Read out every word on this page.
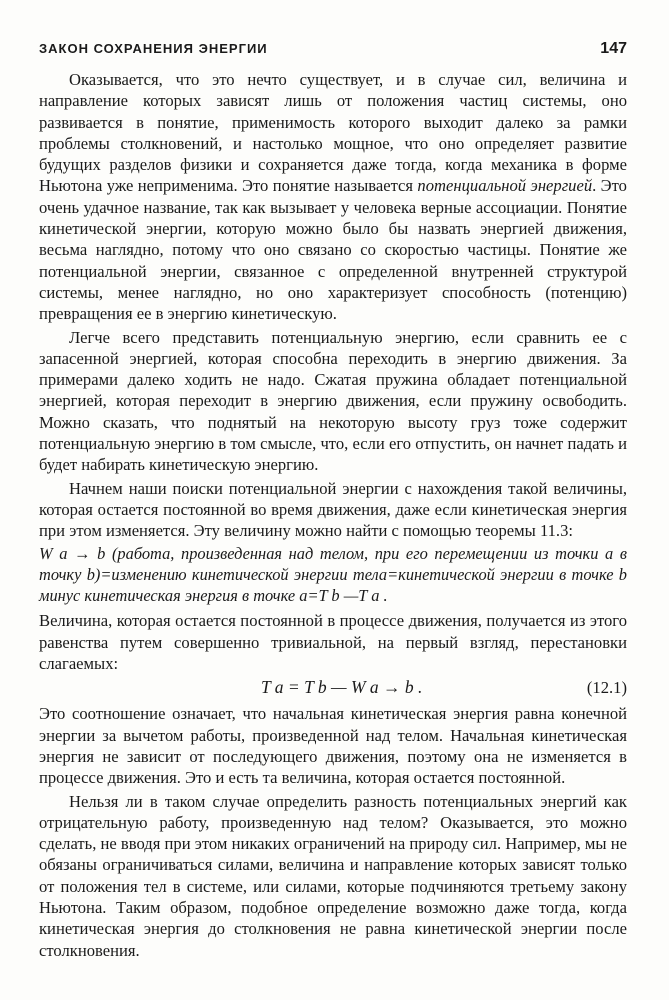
ЗАКОН СОХРАНЕНИЯ ЭНЕРГИИ	147

Оказывается, что это нечто существует, и в случае сил, величина и направление которых зависят лишь от положения частиц системы, оно развивается в понятие, применимость которого выходит далеко за рамки проблемы столкновений, и настолько мощное, что оно определяет развитие будущих разделов физики и сохраняется даже тогда, когда механика в форме Ньютона уже неприменима. Это понятие называется потенциальной энергией. Это очень удачное название, так как вызывает у человека верные ассоциации. Понятие кинетической энергии, которую можно было бы назвать энергией движения, весьма наглядно, потому что оно связано со скоростью частицы. Понятие же потенциальной энергии, связанное с определенной внутренней структурой системы, менее наглядно, но оно характеризует способность (потенцию) превращения ее в энергию кинетическую.

Легче всего представить потенциальную энергию, если сравнить ее с запасенной энергией, которая способна переходить в энергию движения. За примерами далеко ходить не надо. Сжатая пружина обладает потенциальной энергией, которая переходит в энергию движения, если пружину освободить. Можно сказать, что поднятый на некоторую высоту груз тоже содержит потенциальную энергию в том смысле, что, если его отпустить, он начнет падать и будет набирать кинетическую энергию.

Начнем наши поиски потенциальной энергии с нахождения такой величины, которая остается постоянной во время движения, даже если кинетическая энергия при этом изменяется. Эту величину можно найти с помощью теоремы 11.3:

W a → b (работа, произведенная над телом, при его перемещении из точки a в точку b)=изменению кинетической энергии тела=кинетической энергии в точке b минус кинетическая энергия в точке a=T b —T a .

Величина, которая остается постоянной в процессе движения, получается из этого равенства путем совершенно тривиальной, на первый взгляд, перестановки слагаемых:

T a = T b — W a → b .	(12.1)

Это соотношение означает, что начальная кинетическая энергия равна конечной энергии за вычетом работы, произведенной над телом. Начальная кинетическая энергия не зависит от последующего движения, поэтому она не изменяется в процессе движения. Это и есть та величина, которая остается постоянной.

Нельзя ли в таком случае определить разность потенциальных энергий как отрицательную работу, произведенную над телом? Оказывается, это можно сделать, не вводя при этом никаких ограничений на природу сил. Например, мы не обязаны ограничиваться силами, величина и направление которых зависят только от положения тел в системе, или силами, которые подчиняются третьему закону Ньютона. Таким образом, подобное определение возможно даже тогда, когда кинетическая энергия до столкновения не равна кинетической энергии после столкновения.
